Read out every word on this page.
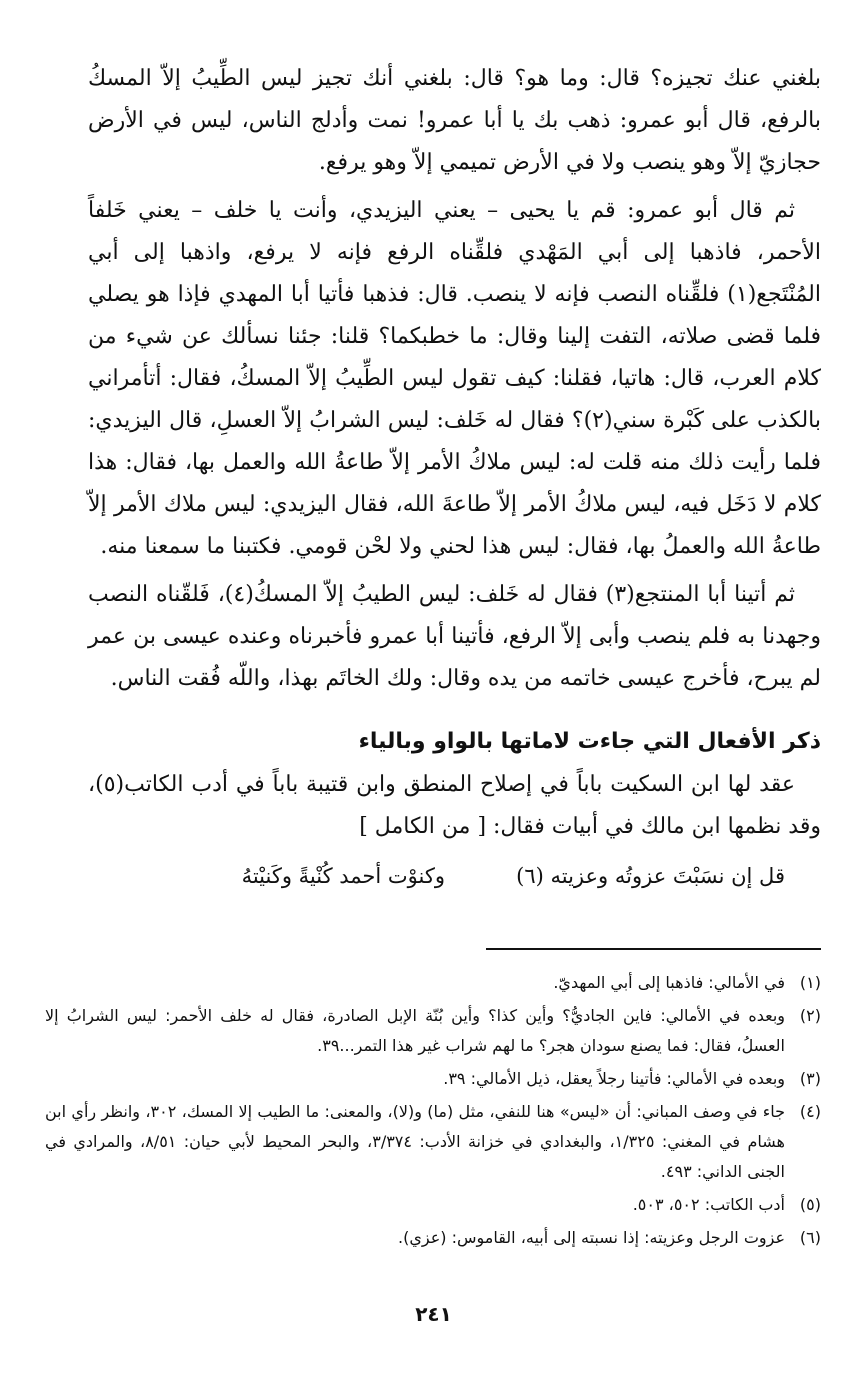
بلغني عنك تجيزه؟ قال: وما هو؟ قال: بلغني أنك تجيز ليس الطِّيبُ إلاّ المسكُ بالرفع، قال أبو عمرو: ذهب بك يا أبا عمرو! نمت وأدلج الناس، ليس في الأرض حجازيّ إلاّ وهو ينصب ولا في الأرض تميمي إلاّ وهو يرفع.

ثم قال أبو عمرو: قم يا يحيى – يعني اليزيدي، وأنت يا خلف – يعني خَلفاً الأحمر، فاذهبا إلى أبي المَهْدي فلقِّناه الرفع فإنه لا يرفع، واذهبا إلى أبي المُنْتَجع(١) فلقِّناه النصب فإنه لا ينصب. قال: فذهبا فأتيا أبا المهدي فإذا هو يصلي فلما قضى صلاته، التفت إلينا وقال: ما خطبكما؟ قلنا: جئنا نسألك عن شيء من كلام العرب، قال: هاتيا، فقلنا: كيف تقول ليس الطِّيبُ إلاّ المسكُ، فقال: أتأمراني بالكذب على كَبْرة سني(٢)؟ فقال له خَلف: ليس الشرابُ إلاّ العسلِ، قال اليزيدي: فلما رأيت ذلك منه قلت له: ليس ملاكُ الأمر إلاّ طاعةُ الله والعمل بها، فقال: هذا كلام لا دَخَل فيه، ليس ملاكُ الأمر إلاّ طاعةَ الله، فقال اليزيدي: ليس ملاك الأمر إلاّ طاعةُ الله والعملُ بها، فقال: ليس هذا لحني ولا لحْن قومي. فكتبنا ما سمعنا منه.

ثم أتينا أبا المنتجع(٣) فقال له خَلف: ليس الطيبُ إلاّ المسكُ(٤)، فَلقّناه النصب وجهدنا به فلم ينصب وأبى إلاّ الرفع، فأتينا أبا عمرو فأخبرناه وعنده عيسى بن عمر لم يبرح، فأخرج عيسى خاتمه من يده وقال: ولك الخاتَم بهذا، واللّه فُقت الناس.

ذكر الأفعال التي جاءت لاماتها بالواو وبالياء

عقد لها ابن السكيت باباً في إصلاح المنطق وابن قتيبة باباً في أدب الكاتب(٥)، وقد نظمها ابن مالك في أبيات فقال: [ من الكامل ]

قل إن نسَبْتَ عزوتُه وعزيته (٦)
وكنوْت أحمد كُنْيةً وكَنيْتهُ
(١)
في الأمالي: فاذهبا إلى أبي المهديّ.
(٢)
وبعده في الأمالي: فاين الجاديُّ؟ وأين كذا؟ وأين بُنّة الإبل الصادرة، فقال له خلف الأحمر: ليس الشرابُ إلا العسلُ، فقال: فما يصنع سودان هجر؟ ما لهم شراب غير هذا التمر...٣٩.
(٣)
وبعده في الأمالي: فأتينا رجلاً يعقل، ذيل الأمالي: ٣٩.
(٤)
جاء في وصف المباني: أن «ليس» هنا للنفي، مثل (ما) و(لا)، والمعنى: ما الطيب إلا المسك، ٣٠٢، وانظر رأي ابن هشام في المغني: ١/٣٢٥، والبغدادي في خزانة الأدب: ٣/٣٧٤، والبحر المحيط لأبي حيان: ٨/٥١، والمرادي في الجنى الداني: ٤٩٣.
(٥)
أدب الكاتب: ٥٠٢، ٥٠٣.
(٦)
عزوت الرجل وعزيته: إذا نسبته إلى أبيه، القاموس: (عزي).
٢٤١
